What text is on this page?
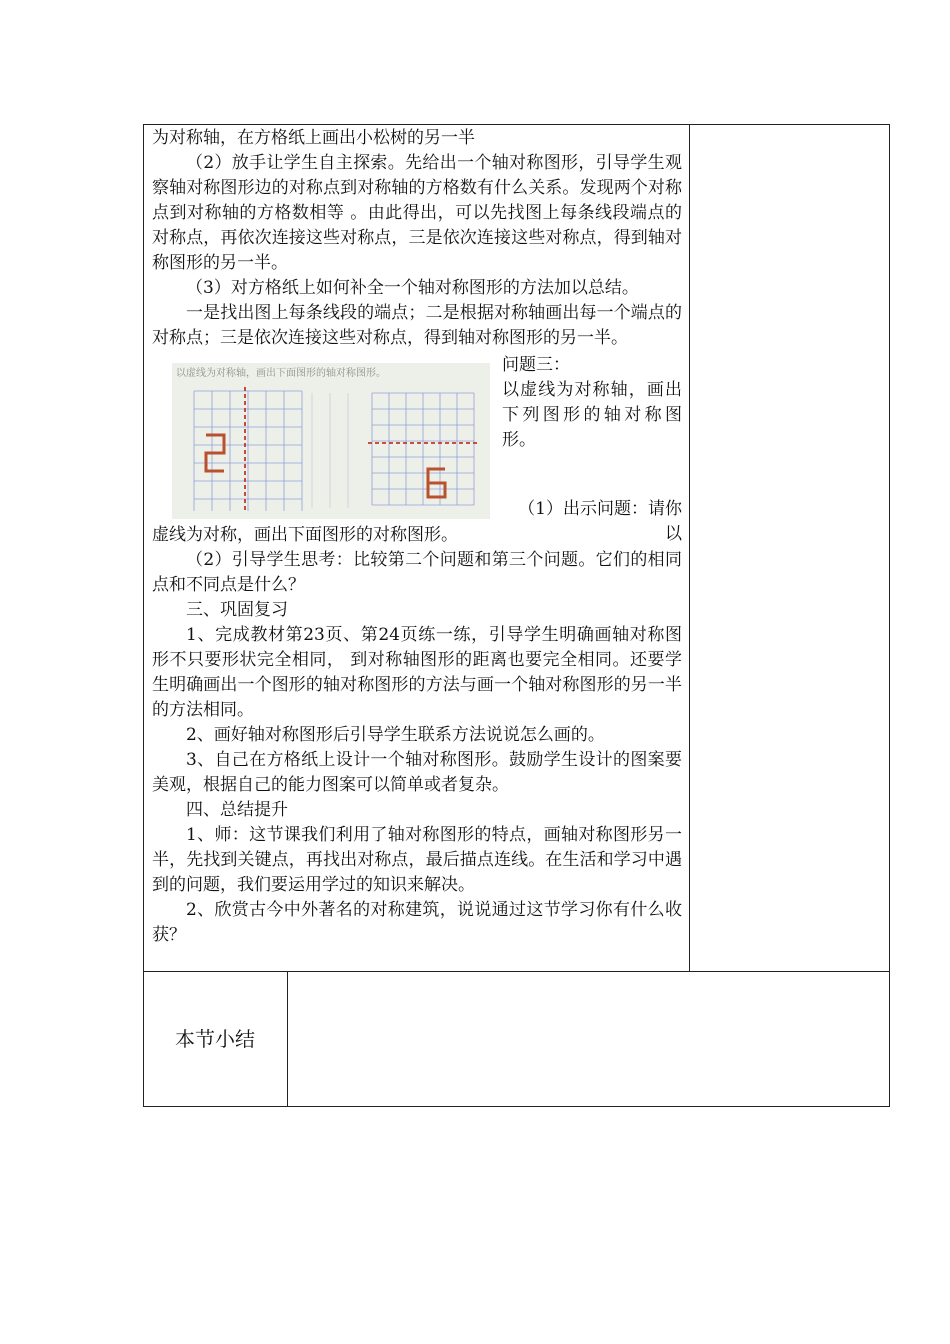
为对称轴，在方格纸上画出小松树的另一半

（2）放手让学生自主探索。先给出一个轴对称图形，引导学生观察轴对称图形边的对称点到对称轴的方格数有什么关系。发现两个对称点到对称轴的方格数相等 。由此得出，可以先找图上每条线段端点的对称点，再依次连接这些对称点，三是依次连接这些对称点，得到轴对称图形的另一半。

（3）对方格纸上如何补全一个轴对称图形的方法加以总结。

一是找出图上每条线段的端点；二是根据对称轴画出每一个端点的对称点；三是依次连接这些对称点，得到轴对称图形的另一半。

以虚线为对称轴，画出下面图形的轴对称图形。	问题三：
以虚线为对称轴，画出下列图形的轴对称图形。
（1）出示问题：请你以

虚线为对称，画出下面图形的对称图形。

（2）引导学生思考：比较第二个问题和第三个问题。它们的相同点和不同点是什么？

三、巩固复习

1、完成教材第23页、第24页练一练，引导学生明确画轴对称图形不只要形状完全相同， 到对称轴图形的距离也要完全相同。还要学生明确画出一个图形的轴对称图形的方法与画一个轴对称图形的另一半的方法相同。

2、画好轴对称图形后引导学生联系方法说说怎么画的。

3、自己在方格纸上设计一个轴对称图形。鼓励学生设计的图案要美观，根据自己的能力图案可以简单或者复杂。

四、总结提升

1、师：这节课我们利用了轴对称图形的特点，画轴对称图形另一半，先找到关键点，再找出对称点，最后描点连线。在生活和学习中遇到的问题，我们要运用学过的知识来解决。

2、欣赏古今中外著名的对称建筑，说说通过这节学习你有什么收获？

本节小结
